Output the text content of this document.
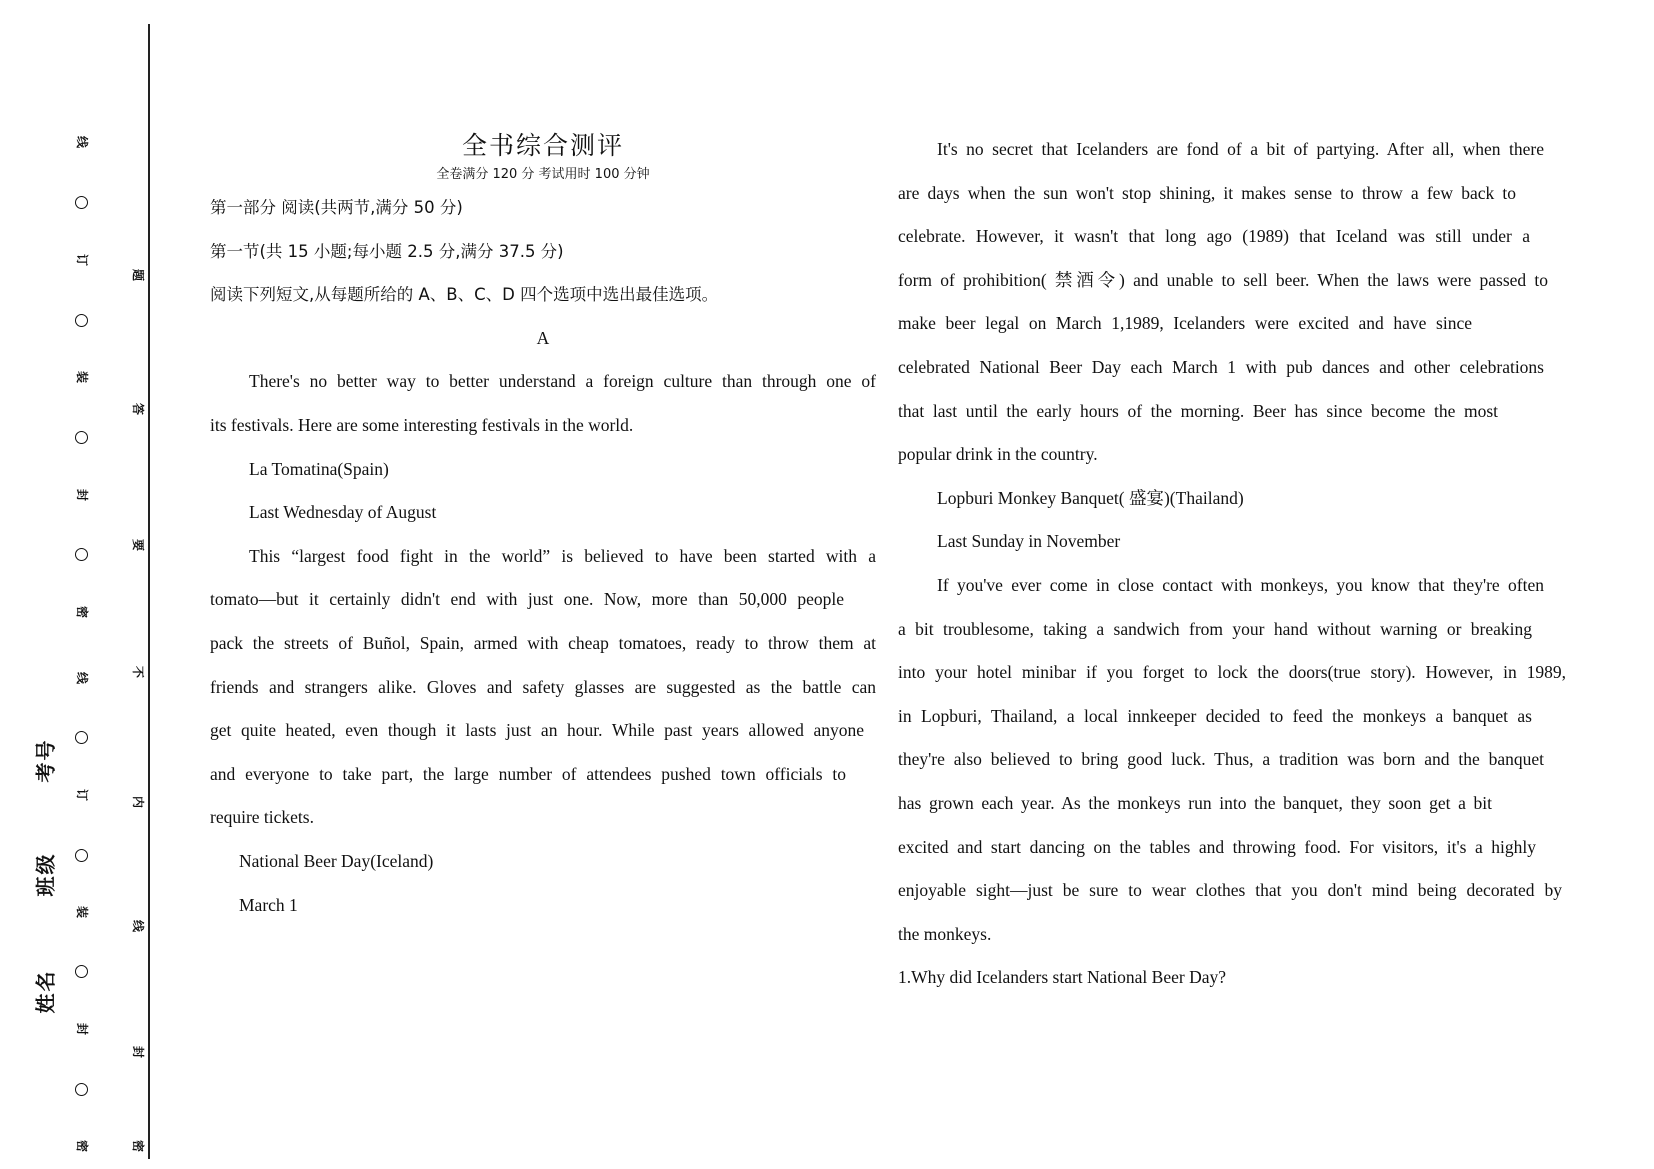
线
订
装
封
密
线
订
装
封
密
题
答
要
不
内
线
封
密
考号
班级
姓名

全书综合测评

全卷满分 120 分 考试用时 100 分钟

第一部分 阅读(共两节,满分 50 分)

第一节(共 15 小题;每小题 2.5 分,满分 37.5 分)

阅读下列短文,从每题所给的 A、B、C、D 四个选项中选出最佳选项。

A

There's no better way to better understand a foreign culture than through one of

its festivals. Here are some interesting festivals in the world.

La Tomatina(Spain)

Last Wednesday of August

This “largest food fight in the world” is believed to have been started with a

tomato—but it certainly didn't end with just one. Now, more than 50,000 people

pack the streets of Buñol, Spain, armed with cheap tomatoes, ready to throw them at

friends and strangers alike. Gloves and safety glasses are suggested as the battle can

get quite heated, even though it lasts just an hour. While past years allowed anyone

and everyone to take part, the large number of attendees pushed town officials to

require tickets.

National Beer Day(Iceland)

March 1

It's no secret that Icelanders are fond of a bit of partying. After all, when there

are days when the sun won't stop shining, it makes sense to throw a few back to

celebrate. However, it wasn't that long ago (1989) that Iceland was still under a

form of prohibition( 禁酒令) and unable to sell beer. When the laws were passed to

make beer legal on March 1,1989, Icelanders were excited and have since

celebrated National Beer Day each March 1 with pub dances and other celebrations

that last until the early hours of the morning. Beer has since become the most

popular drink in the country.

Lopburi Monkey Banquet( 盛宴)(Thailand)

Last Sunday in November

If you've ever come in close contact with monkeys, you know that they're often

a bit troublesome, taking a sandwich from your hand without warning or breaking

into your hotel minibar if you forget to lock the doors(true story). However, in 1989,

in Lopburi, Thailand, a local innkeeper decided to feed the monkeys a banquet as

they're also believed to bring good luck. Thus, a tradition was born and the banquet

has grown each year. As the monkeys run into the banquet, they soon get a bit

excited and start dancing on the tables and throwing food. For visitors, it's a highly

enjoyable sight—just be sure to wear clothes that you don't mind being decorated by

the monkeys.

1.Why did Icelanders start National Beer Day?
